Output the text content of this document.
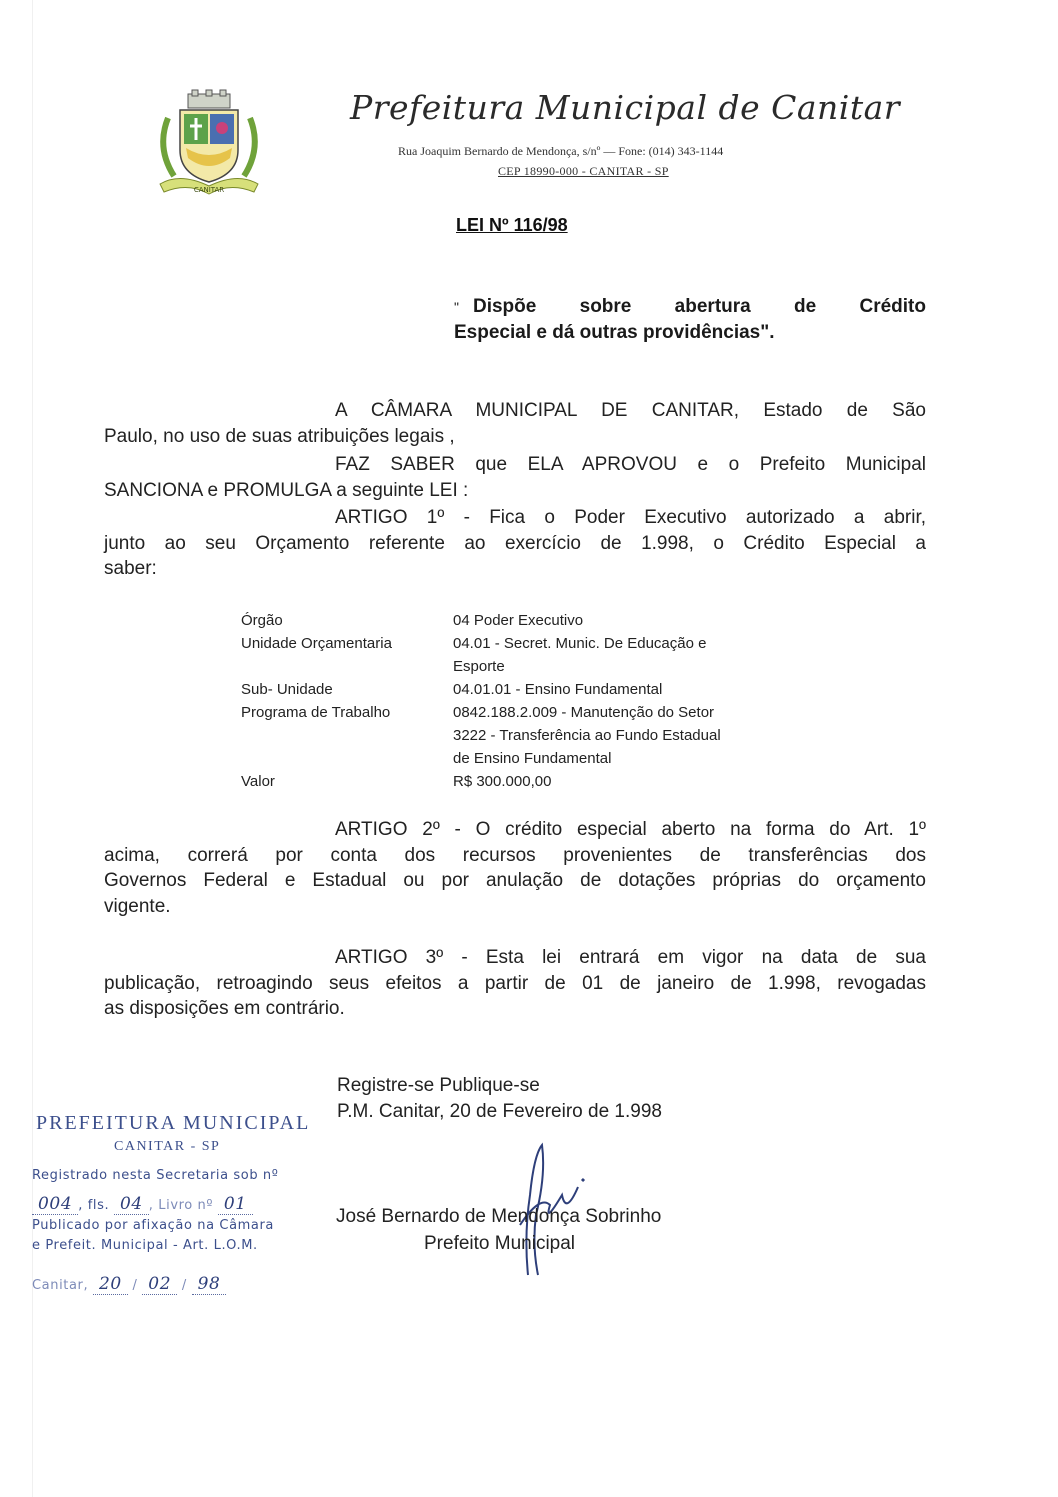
CANITAR
Prefeitura Municipal de Canitar
Rua Joaquim Bernardo de Mendonça, s/nº — Fone: (014) 343-1144
CEP 18990-000 - CANITAR - SP
LEI Nº 116/98
" Dispõe sobre abertura de Crédito
Especial e dá outras providências".
A CÂMARA MUNICIPAL DE CANITAR, Estado de São
Paulo, no uso de suas atribuições legais ,
FAZ SABER que ELA APROVOU e o Prefeito Municipal
SANCIONA e PROMULGA a seguinte LEI :
ARTIGO 1º - Fica o Poder Executivo autorizado a abrir,
junto ao seu Orçamento referente ao exercício de 1.998, o Crédito Especial a
saber:
Órgão	04 Poder Executivo
Unidade Orçamentaria	04.01 - Secret. Munic. De Educação e
Esporte
Sub- Unidade	04.01.01 - Ensino Fundamental
Programa de Trabalho	0842.188.2.009 - Manutenção do Setor
3222 - Transferência ao Fundo Estadual
de Ensino Fundamental
Valor	R$ 300.000,00
ARTIGO 2º - O crédito especial aberto na forma do Art. 1º
acima, correrá por conta dos recursos provenientes de transferências dos
Governos Federal e Estadual ou por anulação de dotações próprias do orçamento
vigente.
ARTIGO 3º - Esta lei entrará em vigor na data de sua
publicação, retroagindo seus efeitos a partir de 01 de janeiro de 1.998, revogadas
as disposições em contrário.
Registre-se Publique-se
P.M. Canitar, 20 de Fevereiro de 1.998
José Bernardo de Mendonça Sobrinho
Prefeito Municipal
PREFEITURA MUNICIPAL
CANITAR - SP
Registrado nesta Secretaria sob nº
004 , fls. 04 , Livro nº 01
Publicado por afixação na Câmara
e Prefeit. Municipal - Art. L.O.M.
Canitar, 20 / 02 / 98
